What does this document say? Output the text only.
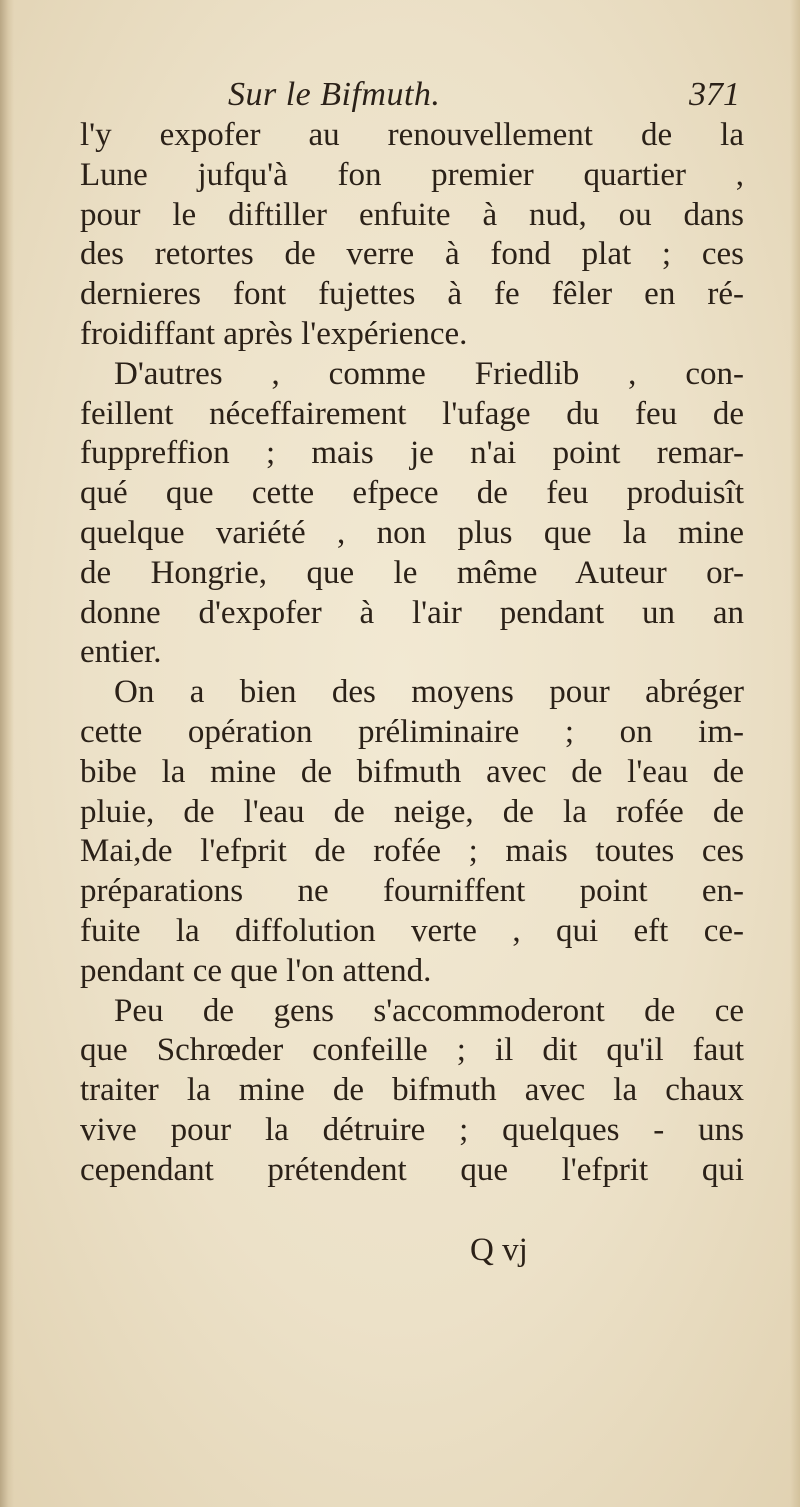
Sur le Bifmuth.	371
l'y expofer au renouvellement de la
Lune jufqu'à fon premier quartier ,
pour le diftiller enfuite à nud, ou dans
des retortes de verre à fond plat ; ces
dernieres font fujettes à fe fêler en ré-
froidiffant après l'expérience.
D'autres , comme Friedlib , con-
feillent néceffairement l'ufage du feu de
fuppreffion ; mais je n'ai point remar-
qué que cette efpece de feu produisît
quelque variété , non plus que la mine
de Hongrie, que le même Auteur or-
donne d'expofer à l'air pendant un an
entier.
On a bien des moyens pour abréger
cette opération préliminaire ; on im-
bibe la mine de bifmuth avec de l'eau de
pluie, de l'eau de neige, de la rofée de
Mai,de l'efprit de rofée ; mais toutes ces
préparations ne fourniffent point en-
fuite la diffolution verte , qui eft ce-
pendant ce que l'on attend.
Peu de gens s'accommoderont de ce
que Schrœder confeille ; il dit qu'il faut
traiter la mine de bifmuth avec la chaux
vive pour la détruire ; quelques - uns
cependant prétendent que l'efprit qui
Q vj
